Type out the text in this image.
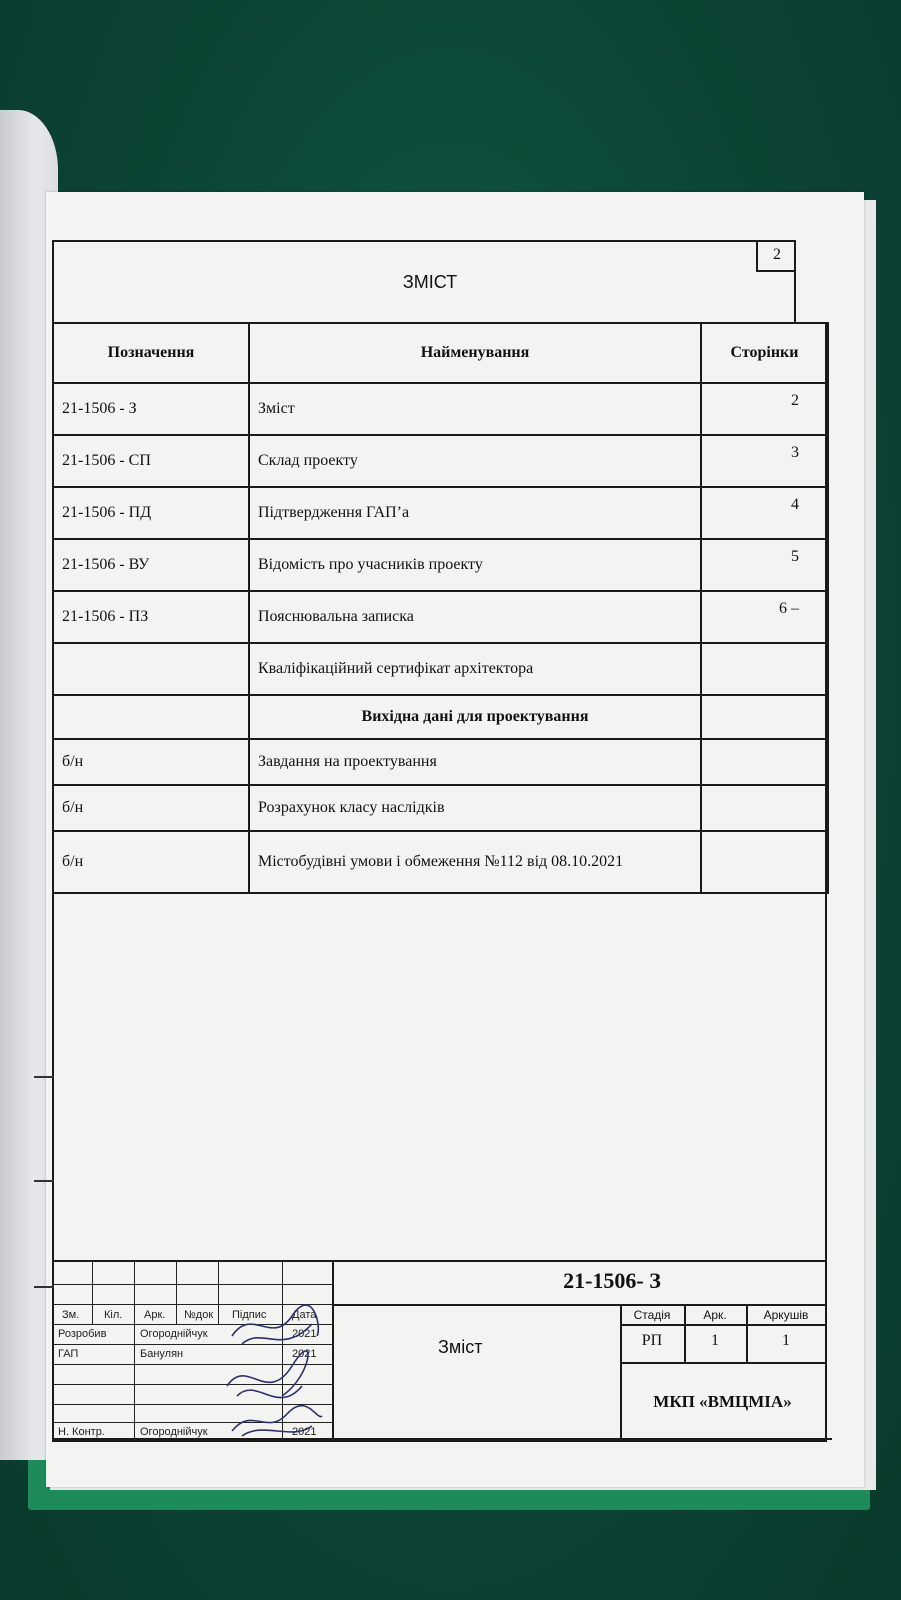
2
ЗМІСТ
Позначення	Найменування	Сторінки
21-1506 - З	Зміст	2
21-1506 - СП	Склад проекту	3
21-1506 - ПД	Підтвердження ГАП’а	4
21-1506 - ВУ	Відомість про учасників проекту	5
21-1506 - ПЗ	Пояснювальна записка	6 –
	Кваліфікаційний сертифікат архітектора	
	Вихідна дані для проектування	
б/н	Завдання на проектування	
б/н	Розрахунок класу наслідків	
б/н	Містобудівні умови і обмеження №112 від 08.10.2021	
Зм. Кіл. Арк. №док Підпис Дата
Розробив	Огороднійчук	2021
ГАП	Банулян	2021
Н. Контр.	Огороднійчук	2021
21-1506- З
Зміст
Стадія	Арк.	Аркушів
РП	1	1
МКП «ВМЦМІА»
